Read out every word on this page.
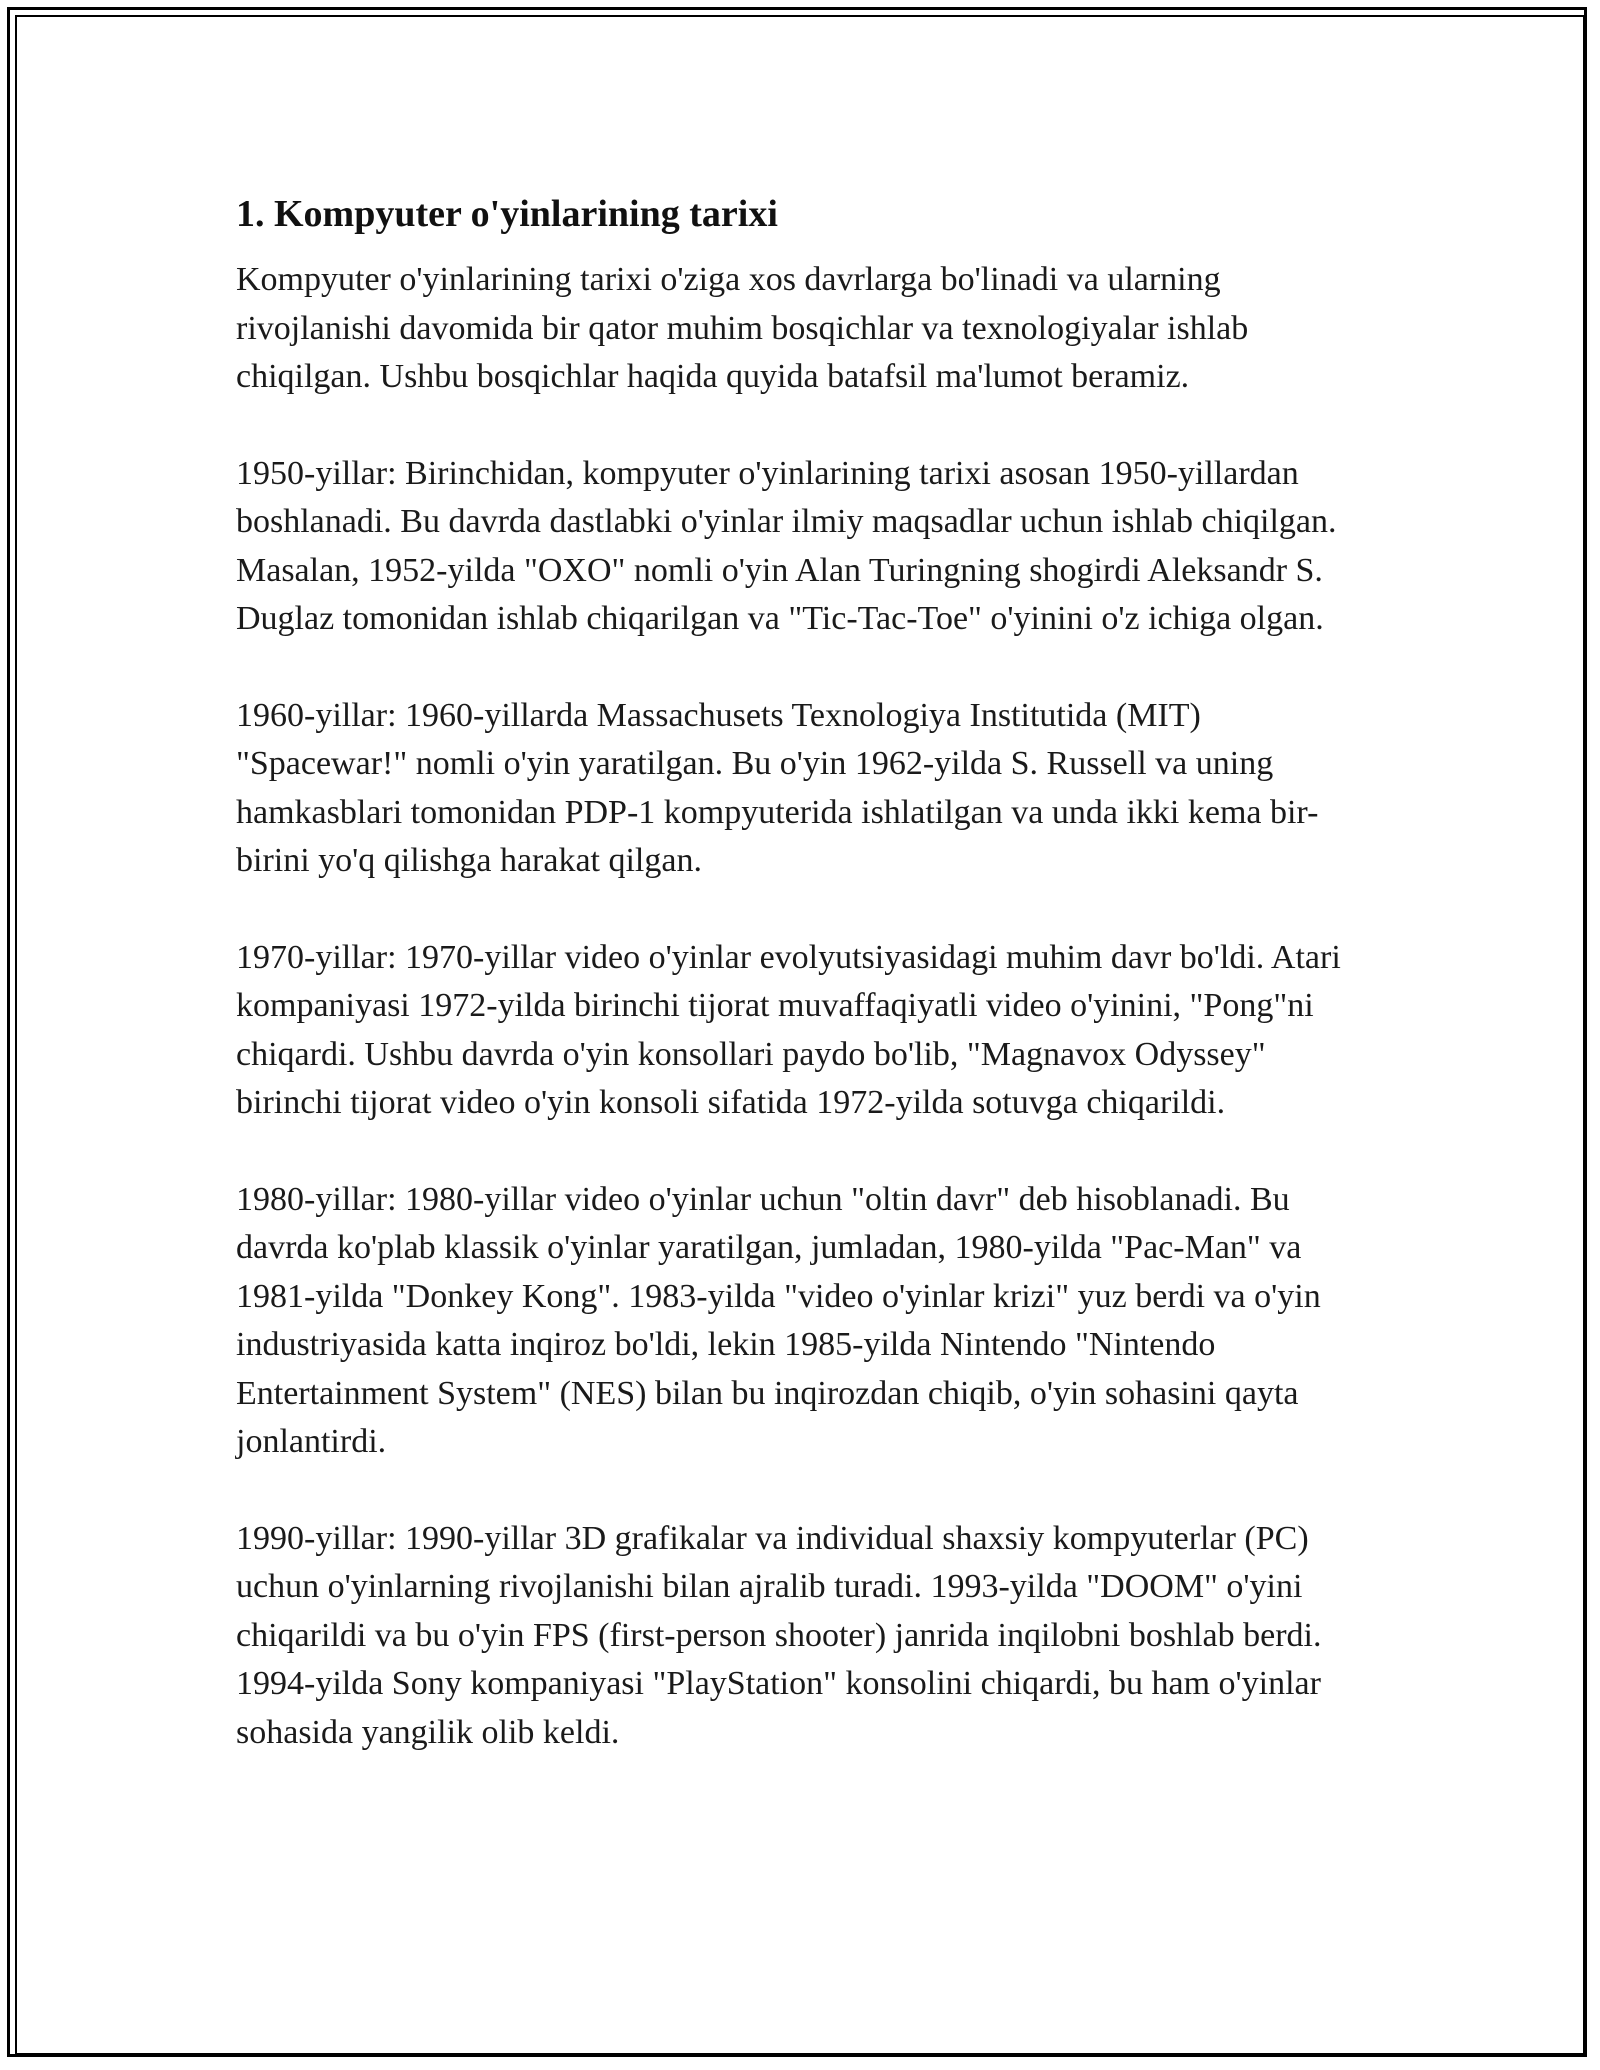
1. Kompyuter o'yinlarining tarixi

Kompyuter o'yinlarining tarixi o'ziga xos davrlarga bo'linadi va ularning rivojlanishi davomida bir qator muhim bosqichlar va texnologiyalar ishlab chiqilgan. Ushbu bosqichlar haqida quyida batafsil ma'lumot beramiz.

1950-yillar: Birinchidan, kompyuter o'yinlarining tarixi asosan 1950-yillardan boshlanadi. Bu davrda dastlabki o'yinlar ilmiy maqsadlar uchun ishlab chiqilgan. Masalan, 1952-yilda "OXO" nomli o'yin Alan Turingning shogirdi Aleksandr S. Duglaz tomonidan ishlab chiqarilgan va "Tic-Tac-Toe" o'yinini o'z ichiga olgan.

1960-yillar: 1960-yillarda Massachusets Texnologiya Institutida (MIT) "Spacewar!" nomli o'yin yaratilgan. Bu o'yin 1962-yilda S. Russell va uning hamkasblari tomonidan PDP-1 kompyuterida ishlatilgan va unda ikki kema bir-birini yo'q qilishga harakat qilgan.

1970-yillar: 1970-yillar video o'yinlar evolyutsiyasidagi muhim davr bo'ldi. Atari kompaniyasi 1972-yilda birinchi tijorat muvaffaqiyatli video o'yinini, "Pong"ni chiqardi. Ushbu davrda o'yin konsollari paydo bo'lib, "Magnavox Odyssey" birinchi tijorat video o'yin konsoli sifatida 1972-yilda sotuvga chiqarildi.

1980-yillar: 1980-yillar video o'yinlar uchun "oltin davr" deb hisoblanadi. Bu davrda ko'plab klassik o'yinlar yaratilgan, jumladan, 1980-yilda "Pac-Man" va 1981-yilda "Donkey Kong". 1983-yilda "video o'yinlar krizi" yuz berdi va o'yin industriyasida katta inqiroz bo'ldi, lekin 1985-yilda Nintendo "Nintendo Entertainment System" (NES) bilan bu inqirozdan chiqib, o'yin sohasini qayta jonlantirdi.

1990-yillar: 1990-yillar 3D grafikalar va individual shaxsiy kompyuterlar (PC) uchun o'yinlarning rivojlanishi bilan ajralib turadi. 1993-yilda "DOOM" o'yini chiqarildi va bu o'yin FPS (first-person shooter) janrida inqilobni boshlab berdi. 1994-yilda Sony kompaniyasi "PlayStation" konsolini chiqardi, bu ham o'yinlar sohasida yangilik olib keldi.
